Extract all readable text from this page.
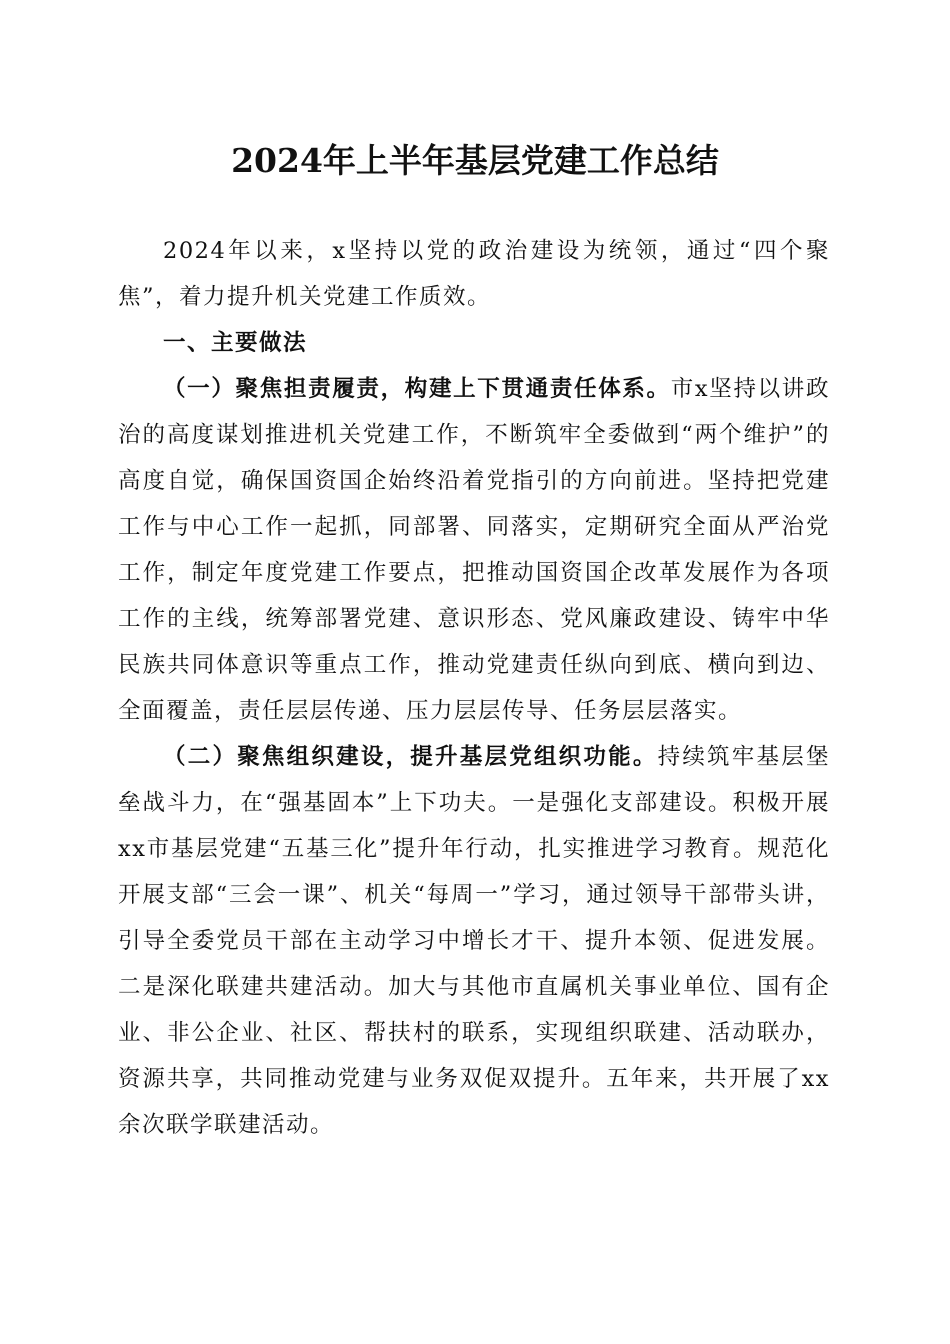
2024年上半年基层党建工作总结

2024年以来，x坚持以党的政治建设为统领，通过“四个聚焦”，着力提升机关党建工作质效。

一、主要做法

（一）聚焦担责履责，构建上下贯通责任体系。市x坚持以讲政治的高度谋划推进机关党建工作，不断筑牢全委做到“两个维护”的高度自觉，确保国资国企始终沿着党指引的方向前进。坚持把党建工作与中心工作一起抓，同部署、同落实，定期研究全面从严治党工作，制定年度党建工作要点，把推动国资国企改革发展作为各项工作的主线，统筹部署党建、意识形态、党风廉政建设、铸牢中华民族共同体意识等重点工作，推动党建责任纵向到底、横向到边、全面覆盖，责任层层传递、压力层层传导、任务层层落实。

（二）聚焦组织建设，提升基层党组织功能。持续筑牢基层堡垒战斗力，在“强基固本”上下功夫。一是强化支部建设。积极开展xx市基层党建“五基三化”提升年行动，扎实推进学习教育。规范化开展支部“三会一课”、机关“每周一”学习，通过领导干部带头讲，引导全委党员干部在主动学习中增长才干、提升本领、促进发展。二是深化联建共建活动。加大与其他市直属机关事业单位、国有企业、非公企业、社区、帮扶村的联系，实现组织联建、活动联办，资源共享，共同推动党建与业务双促双提升。五年来，共开展了xx余次联学联建活动。
